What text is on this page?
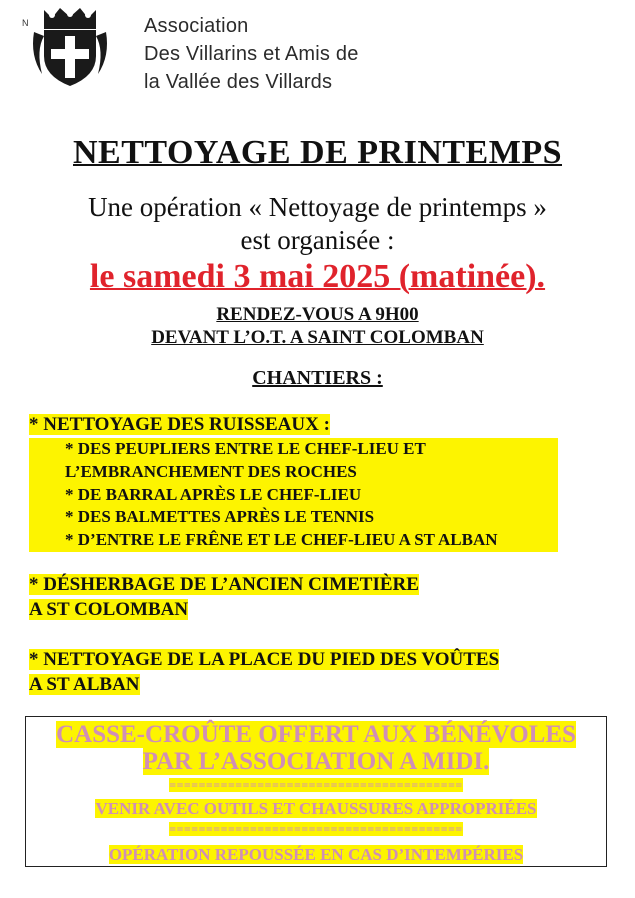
N	Association
Des Villarins et Amis de
la Vallée des Villards
NETTOYAGE DE PRINTEMPS
Une opération « Nettoyage de printemps »
est organisée :
le samedi 3 mai 2025 (matinée).
RENDEZ-VOUS A 9H00
DEVANT L’O.T. A SAINT COLOMBAN
CHANTIERS :
* NETTOYAGE DES RUISSEAUX :
* DES PEUPLIERS ENTRE LE CHEF-LIEU ET
L’EMBRANCHEMENT DES ROCHES
* DE BARRAL APRÈS LE CHEF-LIEU
* DES BALMETTES APRÈS LE TENNIS
* D’ENTRE LE FRÊNE ET LE CHEF-LIEU A ST ALBAN
* DÉSHERBAGE DE L’ANCIEN CIMETIÈRE
A ST COLOMBAN
* NETTOYAGE DE LA PLACE DU PIED DES VOÛTES
A ST ALBAN
CASSE-CROÛTE OFFERT AUX BÉNÉVOLES
PAR L’ASSOCIATION A MIDI.
========================================
VENIR AVEC OUTILS ET CHAUSSURES APPROPRIÉES
========================================
OPÉRATION REPOUSSÉE EN CAS D’INTEMPÉRIES
